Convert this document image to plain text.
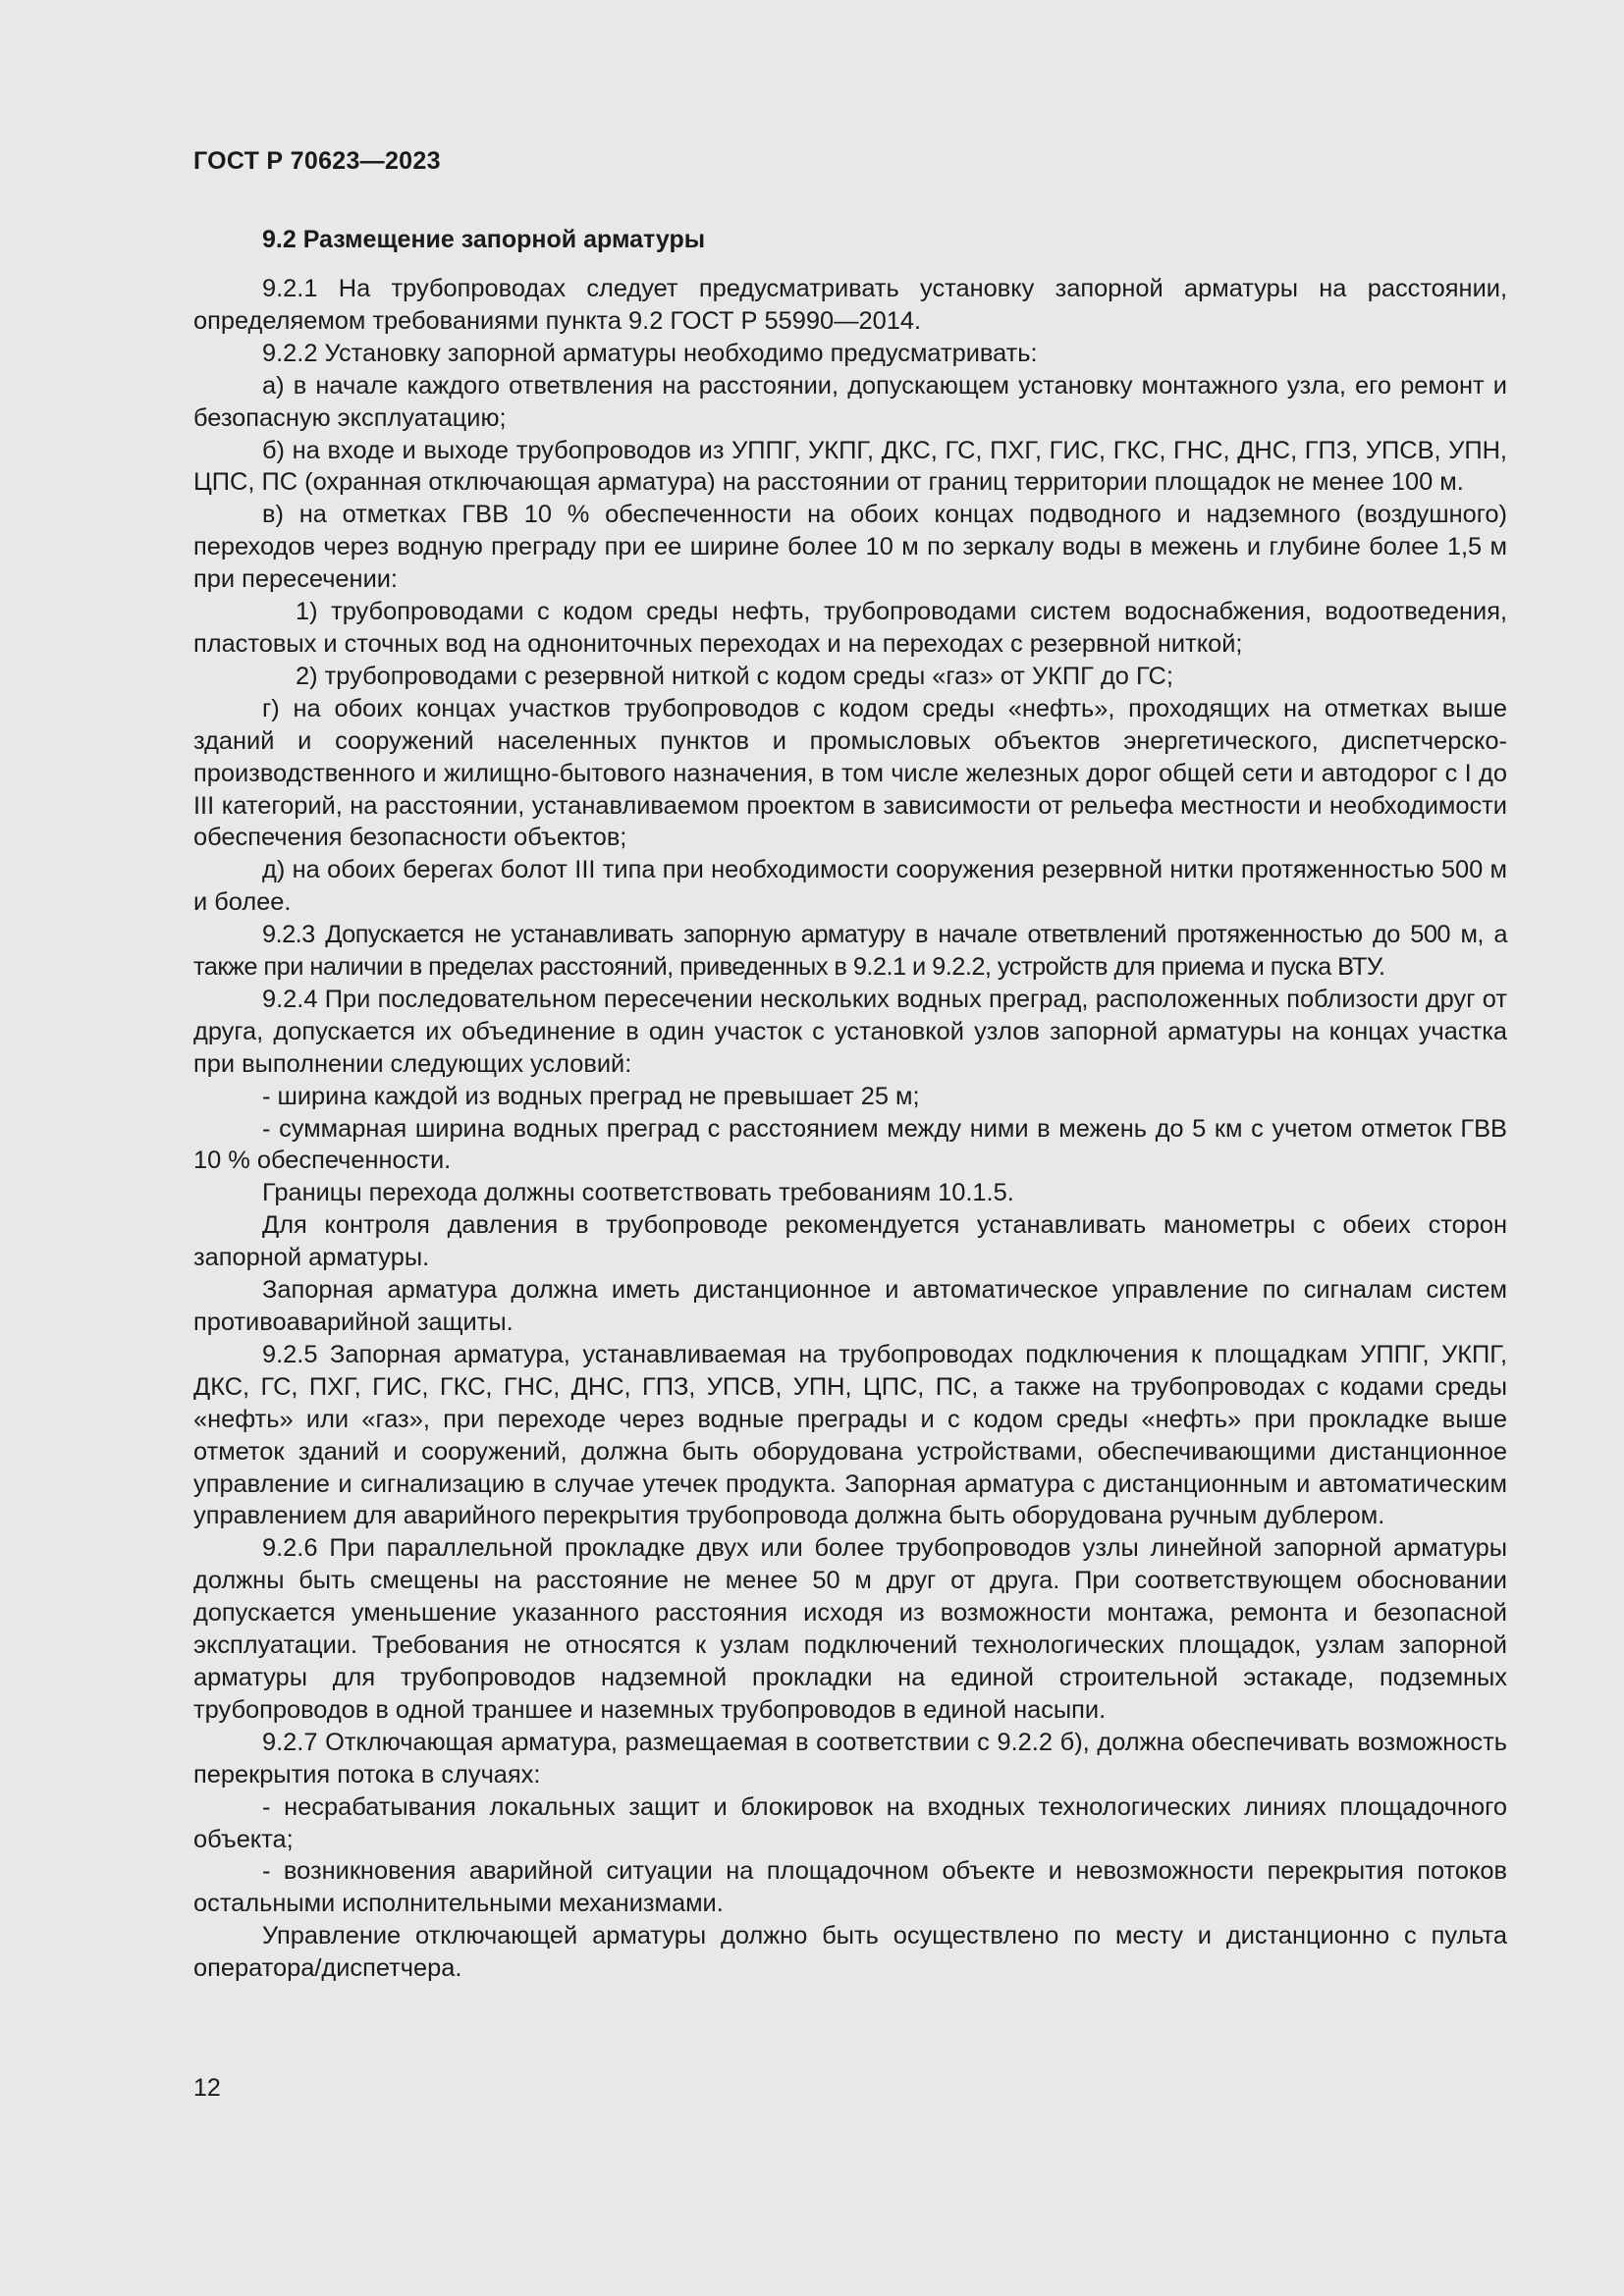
ГОСТ Р 70623—2023
9.2 Размещение запорной арматуры

9.2.1 На трубопроводах следует предусматривать установку запорной арматуры на расстоянии, определяемом требованиями пункта 9.2 ГОСТ Р 55990—2014.

9.2.2 Установку запорной арматуры необходимо предусматривать:

а) в начале каждого ответвления на расстоянии, допускающем установку монтажного узла, его ремонт и безопасную эксплуатацию;

б) на входе и выходе трубопроводов из УППГ, УКПГ, ДКС, ГС, ПХГ, ГИС, ГКС, ГНС, ДНС, ГПЗ, УПСВ, УПН, ЦПС, ПС (охранная отключающая арматура) на расстоянии от границ территории площадок не менее 100 м.

в) на отметках ГВВ 10 % обеспеченности на обоих концах подводного и надземного (воздушного) переходов через водную преграду при ее ширине более 10 м по зеркалу воды в межень и глубине более 1,5 м при пересечении:

1) трубопроводами с кодом среды нефть, трубопроводами систем водоснабжения, водоотведения, пластовых и сточных вод на однониточных переходах и на переходах с резервной ниткой;

2) трубопроводами с резервной ниткой с кодом среды «газ» от УКПГ до ГС;

г) на обоих концах участков трубопроводов с кодом среды «нефть», проходящих на отметках выше зданий и сооружений населенных пунктов и промысловых объектов энергетического, диспетчерско-производственного и жилищно-бытового назначения, в том числе железных дорог общей сети и автодорог с I до III категорий, на расстоянии, устанавливаемом проектом в зависимости от рельефа местности и необходимости обеспечения безопасности объектов;

д) на обоих берегах болот III типа при необходимости сооружения резервной нитки протяженностью 500 м и более.

9.2.3 Допускается не устанавливать запорную арматуру в начале ответвлений протяженностью до 500 м, а также при наличии в пределах расстояний, приведенных в 9.2.1 и 9.2.2, устройств для приема и пуска ВТУ.

9.2.4 При последовательном пересечении нескольких водных преград, расположенных поблизости друг от друга, допускается их объединение в один участок с установкой узлов запорной арматуры на концах участка при выполнении следующих условий:

- ширина каждой из водных преград не превышает 25 м;

- суммарная ширина водных преград с расстоянием между ними в межень до 5 км с учетом отметок ГВВ 10 % обеспеченности.

Границы перехода должны соответствовать требованиям 10.1.5.

Для контроля давления в трубопроводе рекомендуется устанавливать манометры с обеих сторон запорной арматуры.

Запорная арматура должна иметь дистанционное и автоматическое управление по сигналам систем противоаварийной защиты.

9.2.5 Запорная арматура, устанавливаемая на трубопроводах подключения к площадкам УППГ, УКПГ, ДКС, ГС, ПХГ, ГИС, ГКС, ГНС, ДНС, ГПЗ, УПСВ, УПН, ЦПС, ПС, а также на трубопроводах с кодами среды «нефть» или «газ», при переходе через водные преграды и с кодом среды «нефть» при прокладке выше отметок зданий и сооружений, должна быть оборудована устройствами, обеспечивающими дистанционное управление и сигнализацию в случае утечек продукта. Запорная арматура с дистанционным и автоматическим управлением для аварийного перекрытия трубопровода должна быть оборудована ручным дублером.

9.2.6 При параллельной прокладке двух или более трубопроводов узлы линейной запорной арматуры должны быть смещены на расстояние не менее 50 м друг от друга. При соответствующем обосновании допускается уменьшение указанного расстояния исходя из возможности монтажа, ремонта и безопасной эксплуатации. Требования не относятся к узлам подключений технологических площадок, узлам запорной арматуры для трубопроводов надземной прокладки на единой строительной эстакаде, подземных трубопроводов в одной траншее и наземных трубопроводов в единой насыпи.

9.2.7 Отключающая арматура, размещаемая в соответствии с 9.2.2 б), должна обеспечивать возможность перекрытия потока в случаях:

- несрабатывания локальных защит и блокировок на входных технологических линиях площадочного объекта;

- возникновения аварийной ситуации на площадочном объекте и невозможности перекрытия потоков остальными исполнительными механизмами.

Управление отключающей арматуры должно быть осуществлено по месту и дистанционно с пульта оператора/диспетчера.

12
